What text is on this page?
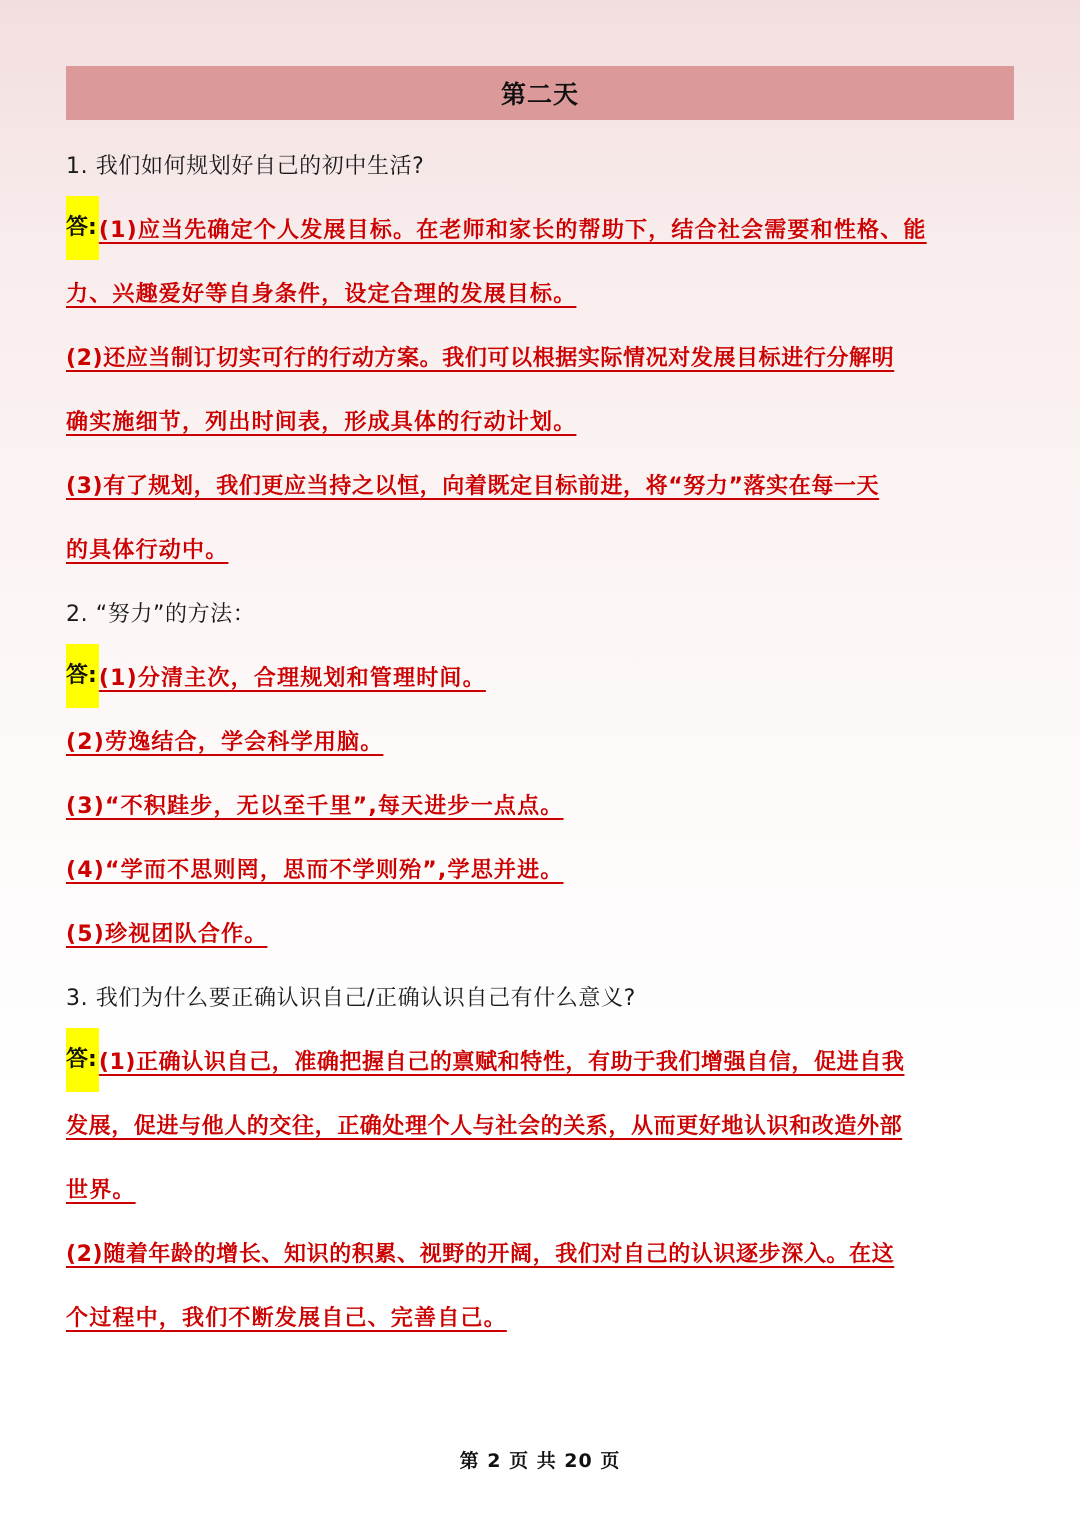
第二天
1. 我们如何规划好自己的初中生活?
答: (1)应当先确定个人发展目标。在老师和家长的帮助下，结合社会需要和性格、能
力、兴趣爱好等自身条件，设定合理的发展目标。
(2)还应当制订切实可行的行动方案。我们可以根据实际情况对发展目标进行分解明
确实施细节，列出时间表，形成具体的行动计划。
(3)有了规划，我们更应当持之以恒，向着既定目标前进，将“努力”落实在每一天
的具体行动中。
2. “努力”的方法：
答: (1)分清主次，合理规划和管理时间。
(2)劳逸结合，学会科学用脑。
(3)“不积跬步，无以至千里”,每天进步一点点。
(4)“学而不思则罔，思而不学则殆”,学思并进。
(5)珍视团队合作。
3. 我们为什么要正确认识自己/正确认识自己有什么意义?
答: (1)正确认识自己，准确把握自己的禀赋和特性，有助于我们增强自信，促进自我
发展，促进与他人的交往，正确处理个人与社会的关系，从而更好地认识和改造外部
世界。
(2)随着年龄的增长、知识的积累、视野的开阔，我们对自己的认识逐步深入。在这
个过程中，我们不断发展自己、完善自己。
第 2 页 共 20 页
